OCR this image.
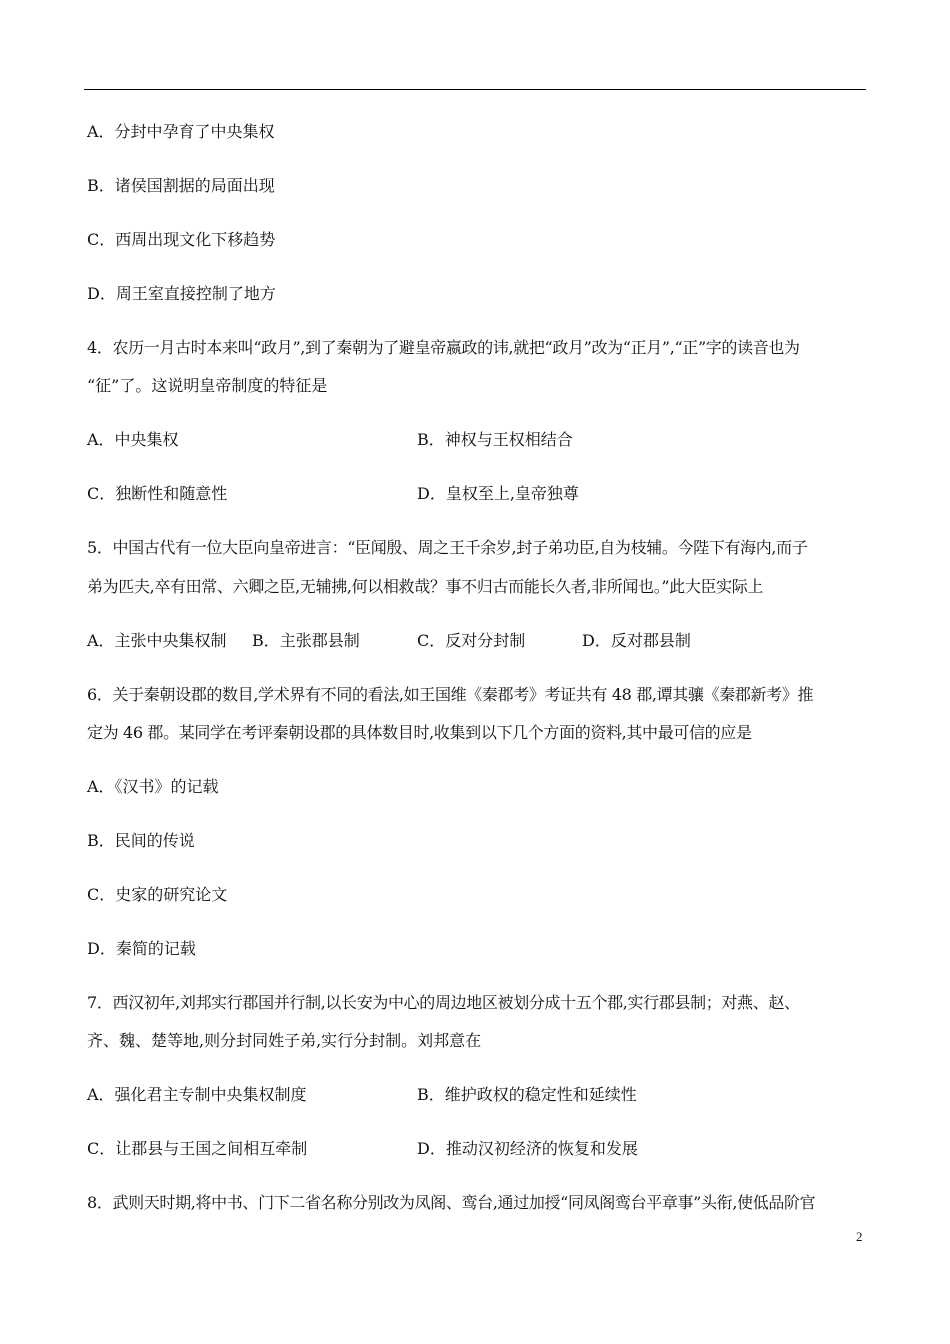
A．分封中孕育了中央集权
B．诸侯国割据的局面出现
C．西周出现文化下移趋势
D．周王室直接控制了地方
4．农历一月古时本来叫“政月”,到了秦朝为了避皇帝嬴政的讳,就把“政月”改为“正月”,“正”字的读音也为
“征”了。这说明皇帝制度的特征是
A．中央集权	B．神权与王权相结合
C．独断性和随意性	D．皇权至上,皇帝独尊
5．中国古代有一位大臣向皇帝进言：“臣闻殷、周之王千余岁,封子弟功臣,自为枝辅。今陛下有海内,而子
弟为匹夫,卒有田常、六卿之臣,无辅拂,何以相救哉？事不归古而能长久者,非所闻也。”此大臣实际上
A．主张中央集权制 B．主张郡县制	C．反对分封制	D．反对郡县制
6．关于秦朝设郡的数目,学术界有不同的看法,如王国维《秦郡考》考证共有 48 郡,谭其骧《秦郡新考》推
定为 46 郡。某同学在考评秦朝设郡的具体数目时,收集到以下几个方面的资料,其中最可信的应是
A．《汉书》的记载
B．民间的传说
C．史家的研究论文
D．秦简的记载
7．西汉初年,刘邦实行郡国并行制,以长安为中心的周边地区被划分成十五个郡,实行郡县制；对燕、赵、
齐、魏、楚等地,则分封同姓子弟,实行分封制。刘邦意在
A．强化君主专制中央集权制度	B．维护政权的稳定性和延续性
C．让郡县与王国之间相互牵制	D．推动汉初经济的恢复和发展
8．武则天时期,将中书、门下二省名称分别改为凤阁、鸾台,通过加授“同凤阁鸾台平章事”头衔,使低品阶官
2
